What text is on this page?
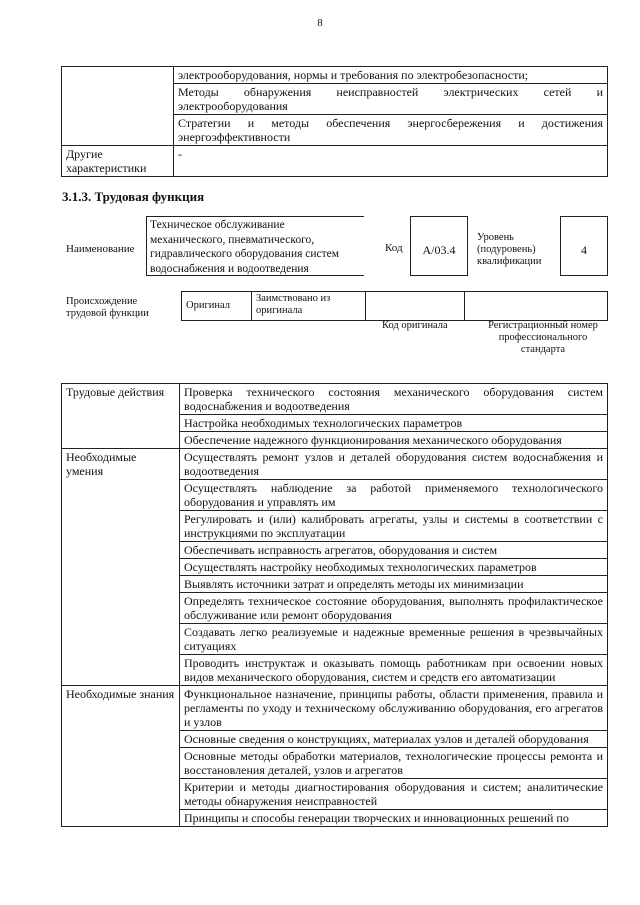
8
	электрооборудования, нормы и требования по электробезопасности;
	Методы обнаружения неисправностей электрических сетей и электрооборудования
	Стратегии и методы обеспечения энергосбережения и достижения энергоэффективности
Другие характеристики	-
3.1.3. Трудовая функция
Наименование
Техническое обслуживание механического, пневматического, гидравлического оборудования систем водоснабжения и водоотведения
Код	A/03.4
Уровень (подуровень) квалификации
4
Происхождение трудовой функции
Оригинал	Заимствовано из оригинала		
Код оригинала	Регистрационный номер профессионального стандарта
Трудовые действия	Проверка технического состояния механического оборудования систем водоснабжения и водоотведения
	Настройка необходимых технологических параметров
	Обеспечение надежного функционирования механического оборудования
Необходимые умения	Осуществлять ремонт узлов и деталей оборудования систем водоснабжения и водоотведения
	Осуществлять наблюдение за работой применяемого технологического оборудования и управлять им
	Регулировать и (или) калибровать агрегаты, узлы и системы в соответствии с инструкциями по эксплуатации
	Обеспечивать исправность агрегатов, оборудования и систем
	Осуществлять настройку необходимых технологических параметров
	Выявлять источники затрат и определять методы их минимизации
	Определять техническое состояние оборудования, выполнять профилактическое обслуживание или ремонт оборудования
	Создавать легко реализуемые и надежные временные решения в чрезвычайных ситуациях
	Проводить инструктаж и оказывать помощь работникам при освоении новых видов механического оборудования, систем и средств его автоматизации
Необходимые знания	Функциональное назначение, принципы работы, области применения, правила и регламенты по уходу и техническому обслуживанию оборудования, его агрегатов и узлов
	Основные сведения о конструкциях, материалах узлов и деталей оборудования
	Основные методы обработки материалов, технологические процессы ремонта и восстановления деталей, узлов и агрегатов
	Критерии и методы диагностирования оборудования и систем; аналитические методы обнаружения неисправностей
	Принципы и способы генерации творческих и инновационных решений по
